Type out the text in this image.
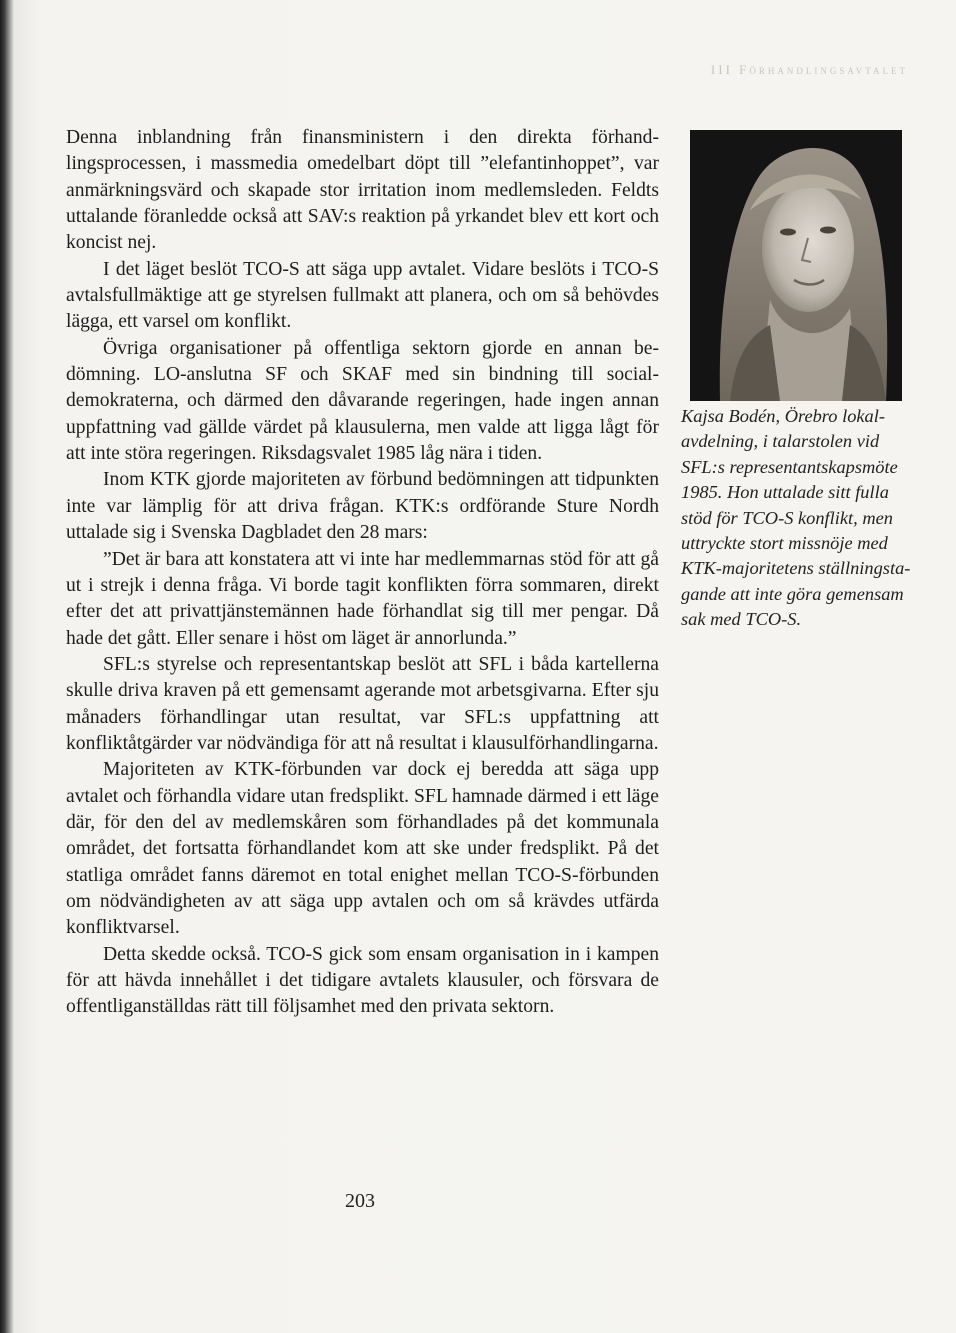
III Förhandlingsavtalet

Denna inblandning från finansministern i den direkta förhandlingsprocessen, i massmedia omedelbart döpt till ”elefantinhoppet”, var anmärkningsvärd och skapade stor irritation inom medlemsleden. Feldts uttalande föranledde också att SAV:s reaktion på yrkandet blev ett kort och koncist nej.

I det läget beslöt TCO-S att säga upp avtalet. Vidare beslöts i TCO-S avtalsfullmäktige att ge styrelsen fullmakt att planera, och om så behövdes lägga, ett varsel om konflikt.

Övriga organisationer på offentliga sektorn gjorde en annan bedömning. LO-anslutna SF och SKAF med sin bindning till socialdemokraterna, och därmed den dåvarande regeringen, hade ingen annan uppfattning vad gällde värdet på klausulerna, men valde att ligga lågt för att inte störa regeringen. Riksdagsvalet 1985 låg nära i tiden.

Inom KTK gjorde majoriteten av förbund bedömningen att tidpunkten inte var lämplig för att driva frågan. KTK:s ordförande Sture Nordh uttalade sig i Svenska Dagbladet den 28 mars:

”Det är bara att konstatera att vi inte har medlemmarnas stöd för att gå ut i strejk i denna fråga. Vi borde tagit konflikten förra sommaren, direkt efter det att privattjänstemännen hade förhandlat sig till mer pengar. Då hade det gått. Eller senare i höst om läget är annorlunda.”

SFL:s styrelse och representantskap beslöt att SFL i båda kartellerna skulle driva kraven på ett gemensamt agerande mot arbetsgivarna. Efter sju månaders förhandlingar utan resultat, var SFL:s uppfattning att konfliktåtgärder var nödvändiga för att nå resultat i klausulförhandlingarna.

Majoriteten av KTK-förbunden var dock ej beredda att säga upp avtalet och förhandla vidare utan fredsplikt. SFL hamnade därmed i ett läge där, för den del av medlemskåren som förhandlades på det kommunala området, det fortsatta förhandlandet kom att ske under fredsplikt. På det statliga området fanns däremot en total enighet mellan TCO-S-förbunden om nödvändigheten av att säga upp avtalen och om så krävdes utfärda konfliktvarsel.

Detta skedde också. TCO-S gick som ensam organisation in i kampen för att hävda innehållet i det tidigare avtalets klausuler, och försvara de offentliganställdas rätt till följsamhet med den privata sektorn.

Kajsa Bodén, Örebro lokalavdelning, i talarstolen vid SFL:s representantskapsmöte 1985. Hon uttalade sitt fulla stöd för TCO-S konflikt, men uttryckte stort missnöje med KTK-majoritetens ställningstagande att inte göra gemensam sak med TCO-S.

203
